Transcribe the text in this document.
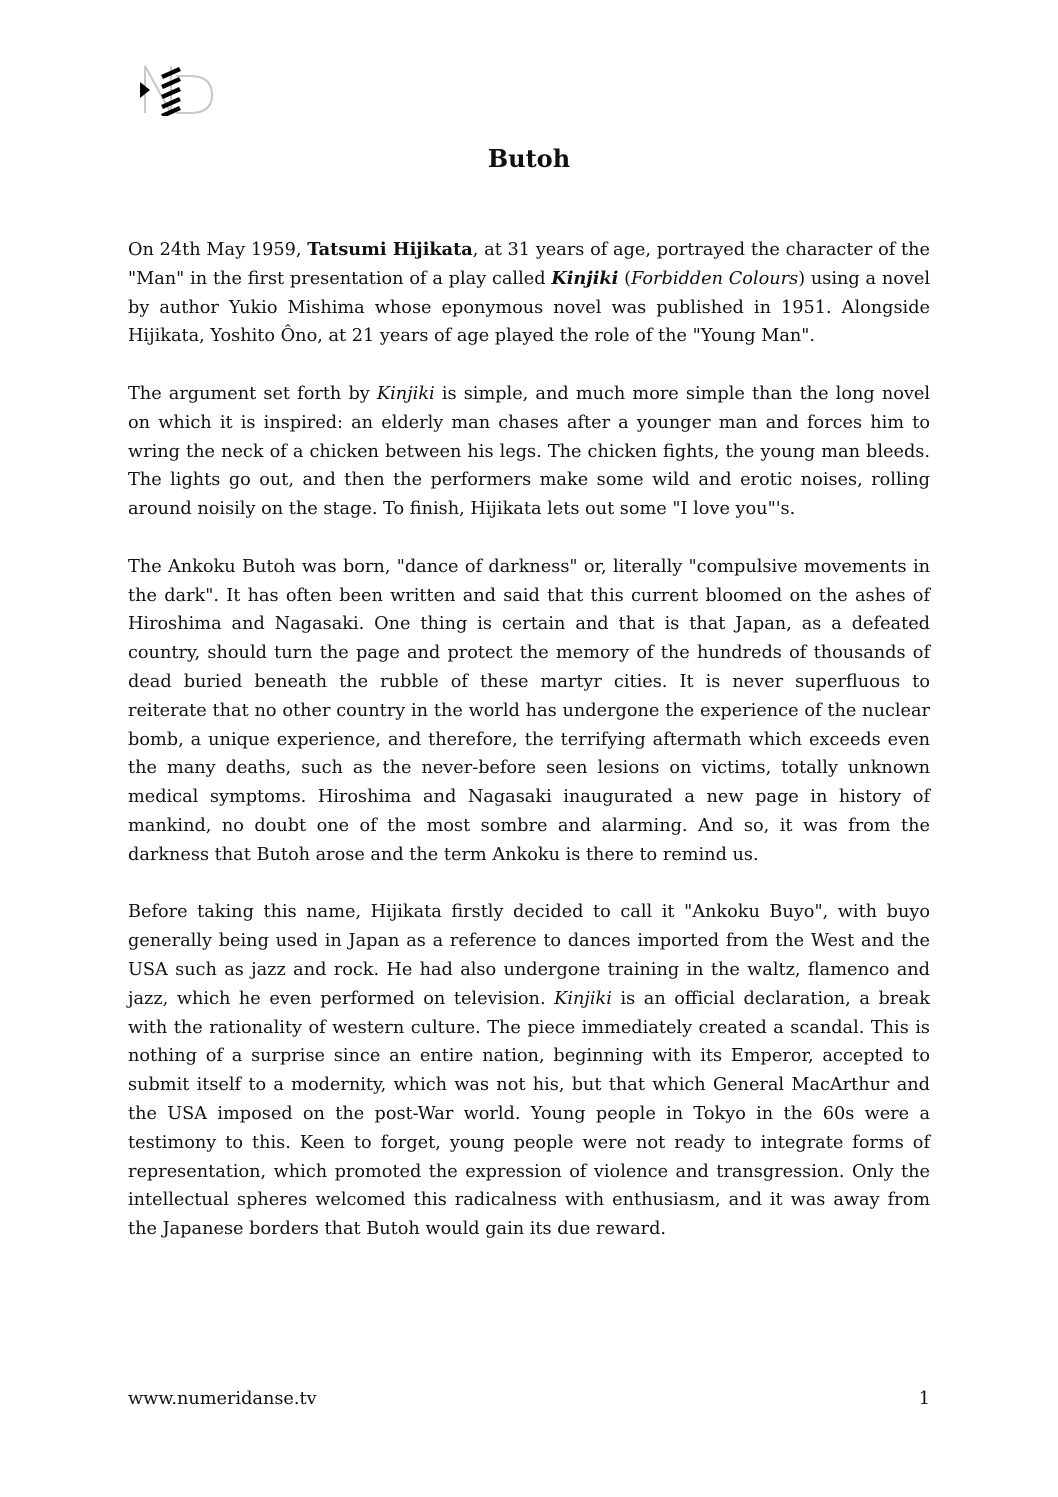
Butoh

On 24th May 1959, Tatsumi Hijikata, at 31 years of age, portrayed the character of the "Man" in the first presentation of a play called Kinjiki (Forbidden Colours) using a novel by author Yukio Mishima whose eponymous novel was published in 1951. Alongside Hijikata, Yoshito Ôno, at 21 years of age played the role of the "Young Man".

The argument set forth by Kinjiki is simple, and much more simple than the long novel on which it is inspired: an elderly man chases after a younger man and forces him to wring the neck of a chicken between his legs. The chicken fights, the young man bleeds. The lights go out, and then the performers make some wild and erotic noises, rolling around noisily on the stage. To finish, Hijikata lets out some "I love you"'s.

The Ankoku Butoh was born, "dance of darkness" or, literally "compulsive movements in the dark". It has often been written and said that this current bloomed on the ashes of Hiroshima and Nagasaki. One thing is certain and that is that Japan, as a defeated country, should turn the page and protect the memory of the hundreds of thousands of dead buried beneath the rubble of these martyr cities. It is never superfluous to reiterate that no other country in the world has undergone the experience of the nuclear bomb, a unique experience, and therefore, the terrifying aftermath which exceeds even the many deaths, such as the never-before seen lesions on victims, totally unknown medical symptoms. Hiroshima and Nagasaki inaugurated a new page in history of mankind, no doubt one of the most sombre and alarming. And so, it was from the darkness that Butoh arose and the term Ankoku is there to remind us.

Before taking this name, Hijikata firstly decided to call it "Ankoku Buyo", with buyo generally being used in Japan as a reference to dances imported from the West and the USA such as jazz and rock. He had also undergone training in the waltz, flamenco and jazz, which he even performed on television. Kinjiki is an official declaration, a break with the rationality of western culture. The piece immediately created a scandal. This is nothing of a surprise since an entire nation, beginning with its Emperor, accepted to submit itself to a modernity, which was not his, but that which General MacArthur and the USA imposed on the post-War world. Young people in Tokyo in the 60s were a testimony to this. Keen to forget, young people were not ready to integrate forms of representation, which promoted the expression of violence and transgression. Only the intellectual spheres welcomed this radicalness with enthusiasm, and it was away from the Japanese borders that Butoh would gain its due reward.

www.numeridanse.tv	1
